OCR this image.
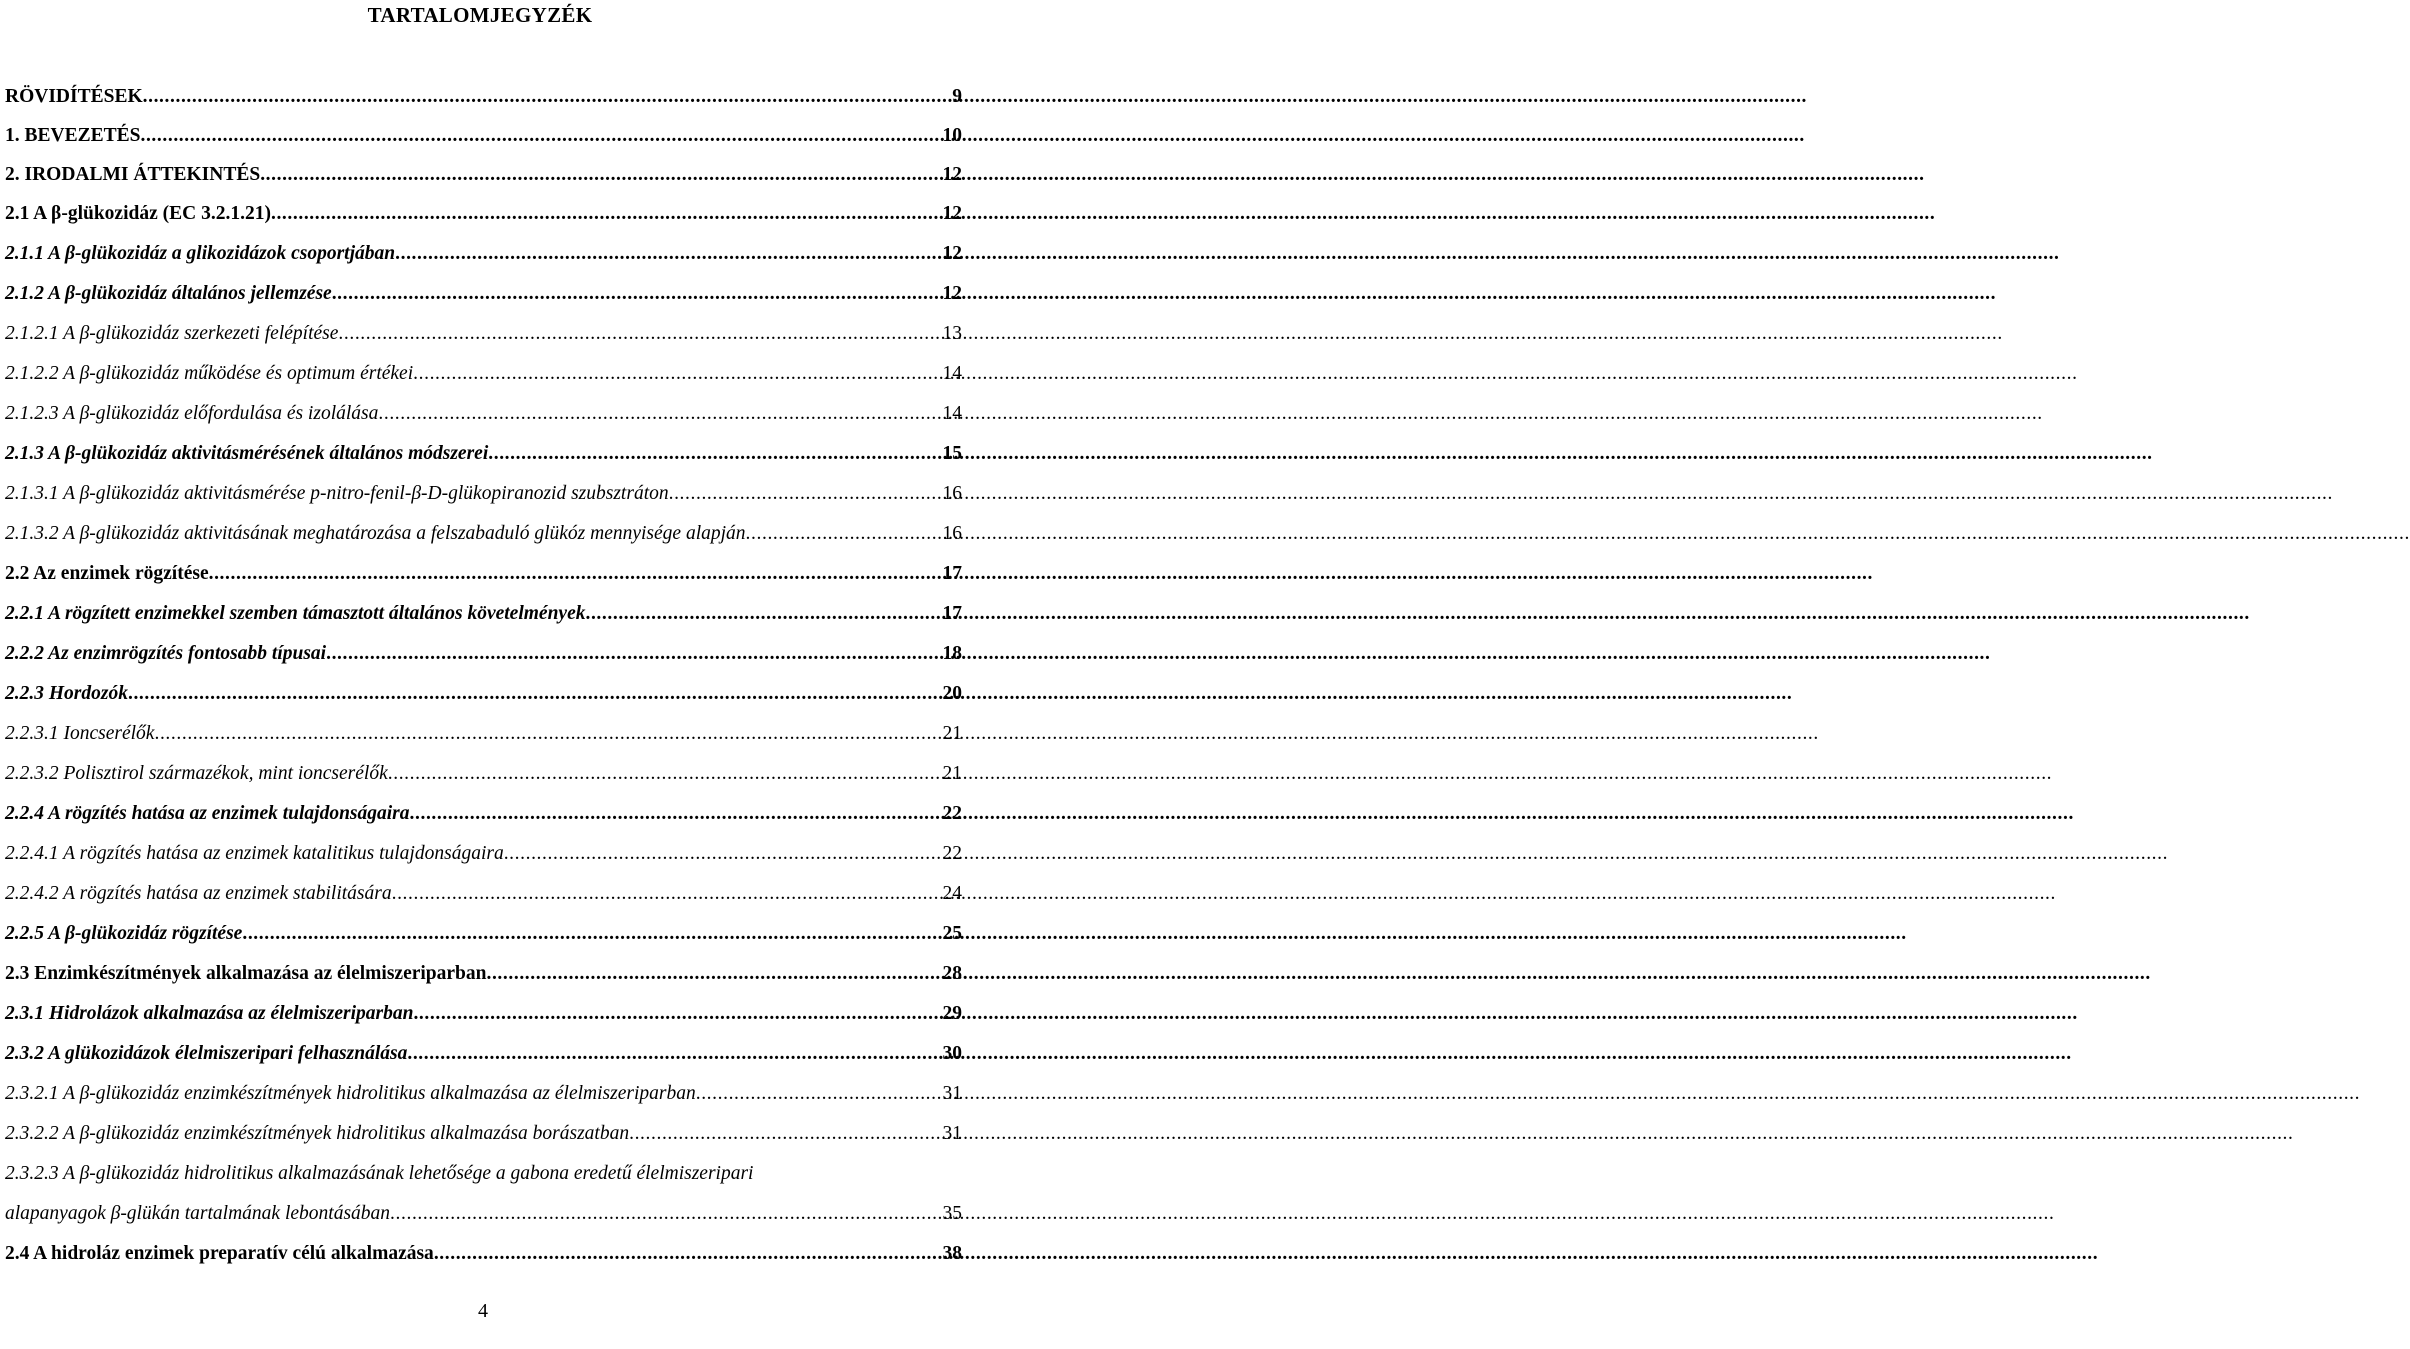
TARTALOMJEGYZÉK
RÖVIDÍTÉSEK .....	9
1. BEVEZETÉS .....	10
2. IRODALMI ÁTTEKINTÉS .....	12
2.1 A β-glükozidáz (EC 3.2.1.21) .....	12
2.1.1 A β-glükozidáz a glikozidázok csoportjában .....	12
2.1.2 A β-glükozidáz általános jellemzése .....	12
2.1.2.1 A β-glükozidáz szerkezeti felépítése .....	13
2.1.2.2 A β-glükozidáz működése és optimum értékei .....	14
2.1.2.3 A β-glükozidáz előfordulása és izolálása .....	14
2.1.3 A β-glükozidáz aktivitásmérésének általános módszerei .....	15
2.1.3.1 A β-glükozidáz aktivitásmérése p-nitro-fenil-β-D-glükopiranozid szubsztráton .....	16
2.1.3.2 A β-glükozidáz aktivitásának meghatározása a felszabaduló glükóz mennyisége alapján .....	16
2.2 Az enzimek rögzítése .....	17
2.2.1 A rögzített enzimekkel szemben támasztott általános követelmények .....	17
2.2.2 Az enzimrögzítés fontosabb típusai .....	18
2.2.3 Hordozók .....	20
2.2.3.1 Ioncserélők .....	21
2.2.3.2 Polisztirol származékok, mint ioncserélők .....	21
2.2.4 A rögzítés hatása az enzimek tulajdonságaira .....	22
2.2.4.1 A rögzítés hatása az enzimek katalitikus tulajdonságaira .....	22
2.2.4.2 A rögzítés hatása az enzimek stabilitására .....	24
2.2.5 A β-glükozidáz rögzítése .....	25
2.3 Enzimkészítmények alkalmazása az élelmiszeriparban .....	28
2.3.1 Hidrolázok alkalmazása az élelmiszeriparban .....	29
2.3.2 A glükozidázok élelmiszeripari felhasználása .....	30
2.3.2.1 A β-glükozidáz enzimkészítmények hidrolitikus alkalmazása az élelmiszeriparban .....	31
2.3.2.2 A β-glükozidáz enzimkészítmények hidrolitikus alkalmazása borászatban .....	31
2.3.2.3 A β-glükozidáz hidrolitikus alkalmazásának lehetősége a gabona eredetű élelmiszeripari
alapanyagok β-glükán tartalmának lebontásában .....	35
2.4 A hidroláz enzimek preparatív célú alkalmazása .....	38
4
